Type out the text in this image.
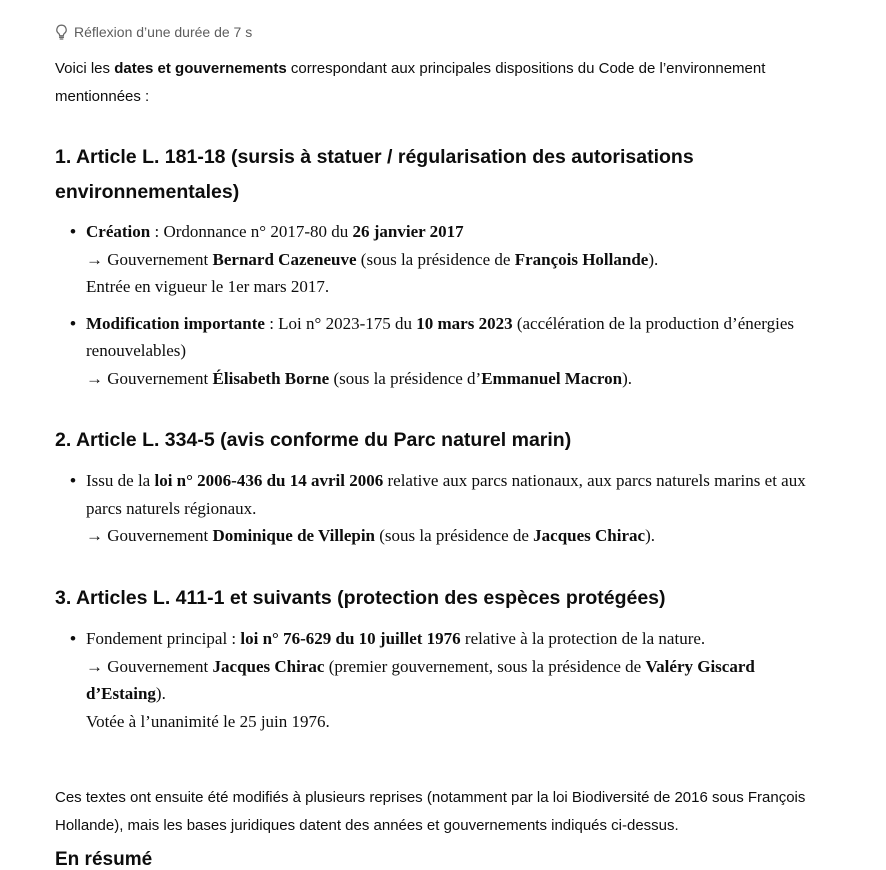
Réflexion d’une durée de 7 s
Voici les dates et gouvernements correspondant aux principales dispositions du Code de l’environnement mentionnées :
1. Article L. 181-18 (sursis à statuer / régularisation des autorisations environnementales)
• Création : Ordonnance n° 2017-80 du 26 janvier 2017
→ Gouvernement Bernard Cazeneuve (sous la présidence de François Hollande).
Entrée en vigueur le 1er mars 2017.
• Modification importante : Loi n° 2023-175 du 10 mars 2023 (accélération de la production d’énergies renouvelables)
→ Gouvernement Élisabeth Borne (sous la présidence d’Emmanuel Macron).
2. Article L. 334-5 (avis conforme du Parc naturel marin)
• Issu de la loi n° 2006-436 du 14 avril 2006 relative aux parcs nationaux, aux parcs naturels marins et aux parcs naturels régionaux.
→ Gouvernement Dominique de Villepin (sous la présidence de Jacques Chirac).
3. Articles L. 411-1 et suivants (protection des espèces protégées)
• Fondement principal : loi n° 76-629 du 10 juillet 1976 relative à la protection de la nature.
→ Gouvernement Jacques Chirac (premier gouvernement, sous la présidence de Valéry Giscard d’Estaing).
Votée à l’unanimité le 25 juin 1976.
Ces textes ont ensuite été modifiés à plusieurs reprises (notamment par la loi Biodiversité de 2016 sous François Hollande), mais les bases juridiques datent des années et gouvernements indiqués ci-dessus.
En résumé
